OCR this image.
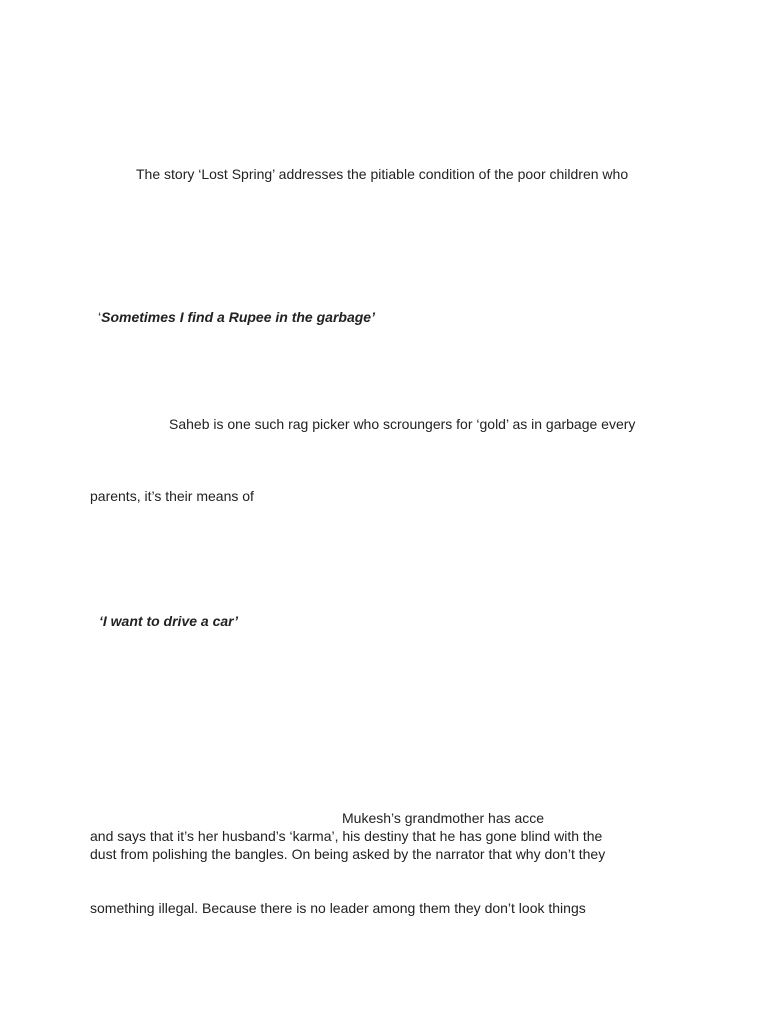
The story ‘Lost Spring’ addresses the pitiable condition of the poor children who
‘Sometimes I find a Rupee in the garbage’
Saheb is one such rag picker who scroungers for ‘gold’ as in garbage every
parents, it’s their means of
‘I want to drive a car’
Mukesh’s grandmother has acce
and says that it’s her husband’s ‘karma’, his destiny that he has gone blind with the
dust from polishing the bangles. On being asked by the narrator that why don’t they
something illegal. Because there is no leader among them they don’t look things
